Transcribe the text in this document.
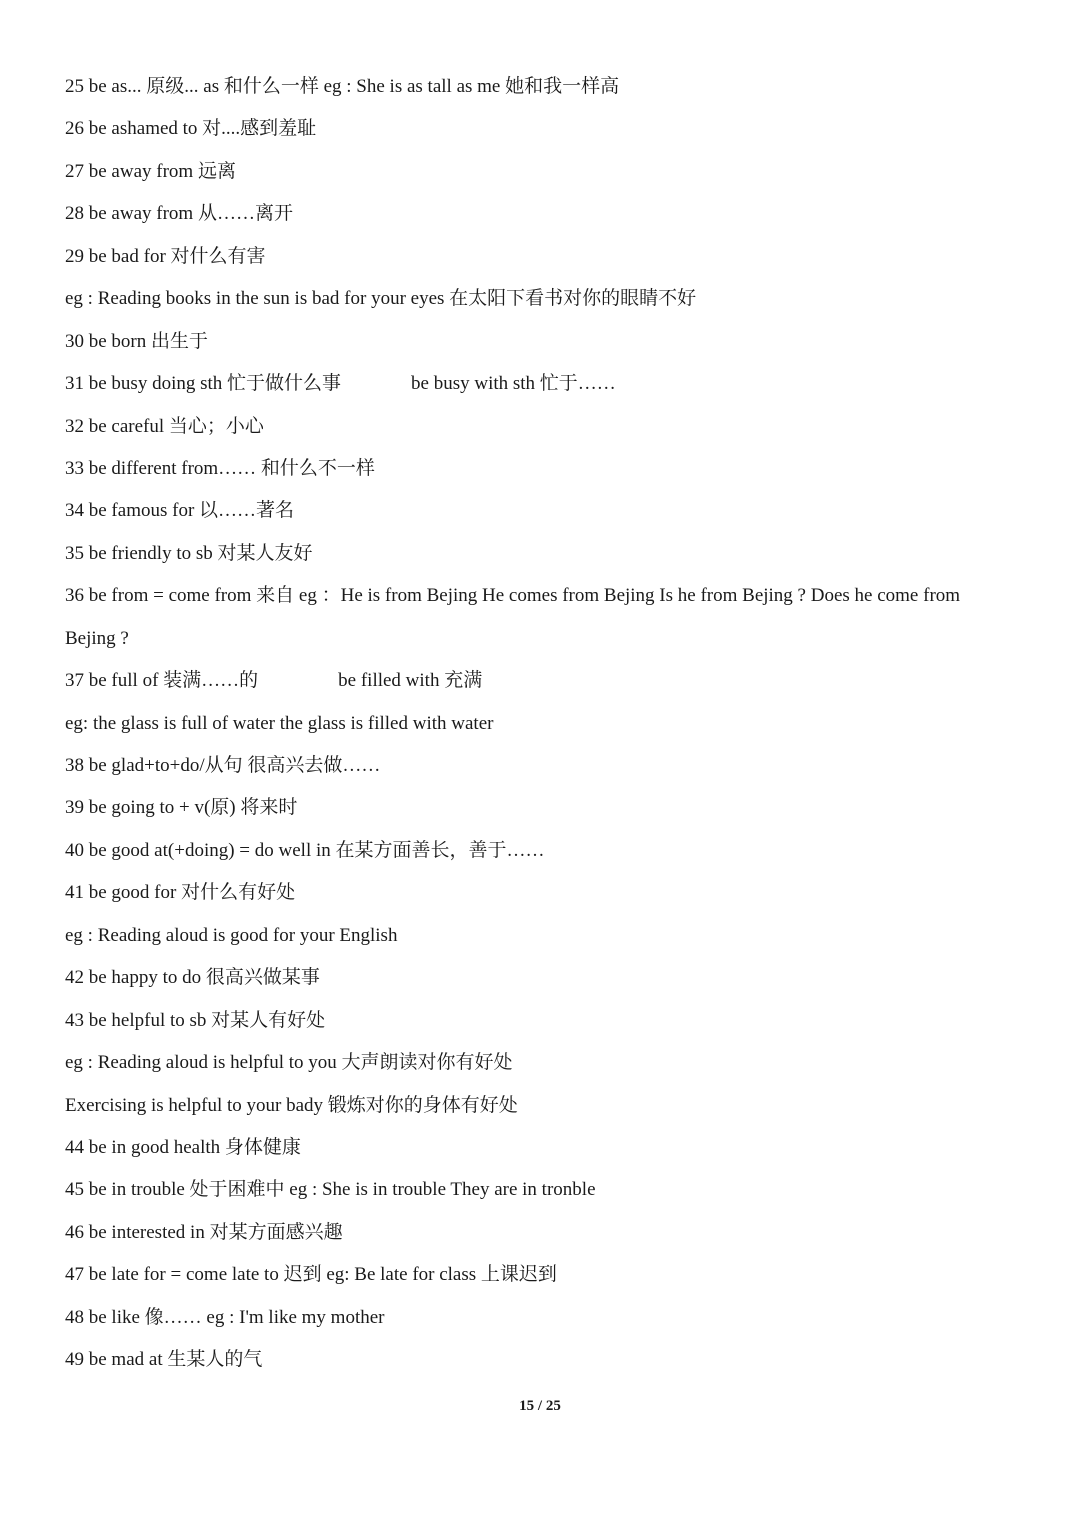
25 be as... 原级... as 和什么一样 eg : She is as tall as me 她和我一样高
26 be ashamed to 对....感到羞耻
27 be away from 远离
28 be away from 从……离开
29 be bad for 对什么有害
eg : Reading books in the sun is bad for your eyes 在太阳下看书对你的眼睛不好
30 be born 出生于
31 be busy doing sth 忙于做什么事	be busy with sth 忙于……
32 be careful 当心；小心
33 be different from…… 和什么不一样
34 be famous for 以……著名
35 be friendly to sb 对某人友好
36 be from = come from 来自 eg ：He is from Bejing He comes from Bejing Is he from Bejing ? Does he come from
Bejing ?
37 be full of 装满……的	be filled with 充满
eg: the glass is full of water the glass is filled with water
38 be glad+to+do/从句 很高兴去做……
39 be going to + v(原) 将来时
40 be good at(+doing) = do well in 在某方面善长，善于……
41 be good for 对什么有好处
eg : Reading aloud is good for your English
42 be happy to do 很高兴做某事
43 be helpful to sb 对某人有好处
eg : Reading aloud is helpful to you 大声朗读对你有好处
Exercising is helpful to your bady 锻炼对你的身体有好处
44 be in good health 身体健康
45 be in trouble 处于困难中 eg : She is in trouble They are in tronble
46 be interested in 对某方面感兴趣
47 be late for = come late to 迟到 eg: Be late for class 上课迟到
48 be like 像…… eg : I'm like my mother
49 be mad at 生某人的气
15 / 25
